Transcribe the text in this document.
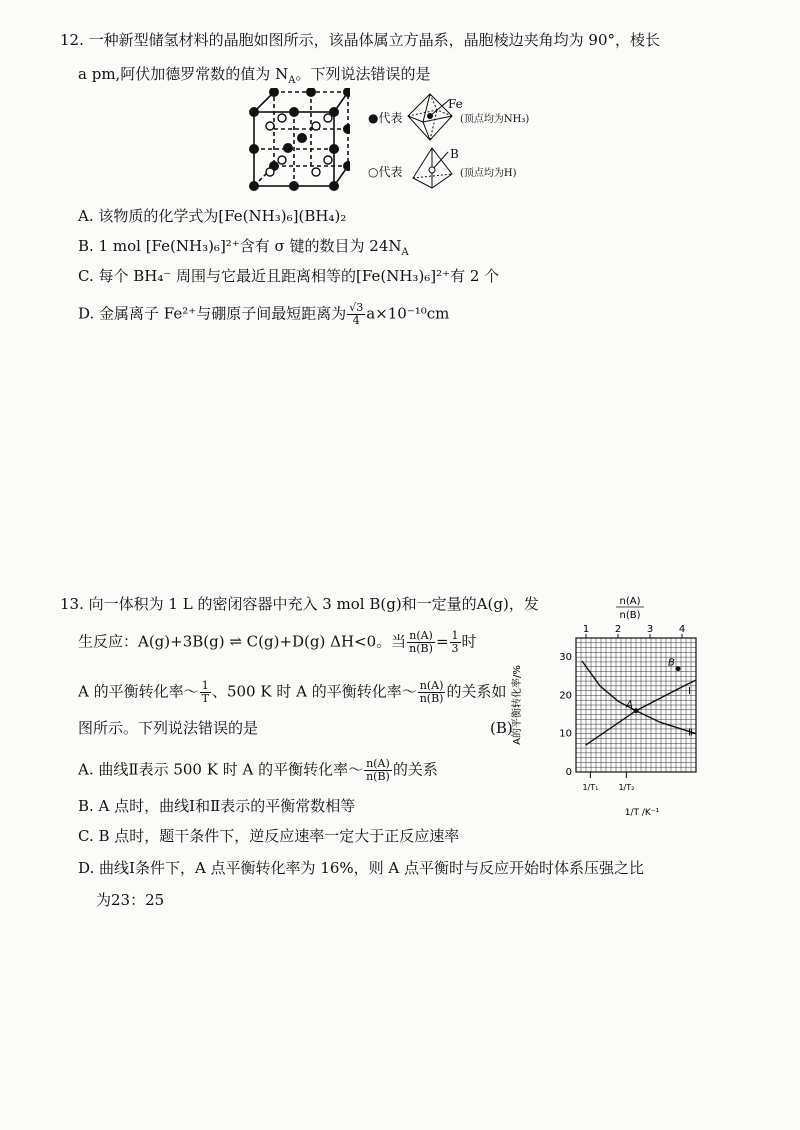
12. 一种新型储氢材料的晶胞如图所示，该晶体属立方晶系，晶胞棱边夹角均为 90°，棱长
a pm,阿伏加德罗常数的值为 $N_A$。下列说法错误的是
●代表
Fe
(顶点均为NH₃)
○代表
B
(顶点均为H)
A. 该物质的化学式为[Fe(NH₃)₆](BH₄)₂
B. 1 mol [Fe(NH₃)₆]²⁺含有 σ 键的数目为 $24N_A$
C. 每个 BH₄⁻ 周围与它最近且距离相等的[Fe(NH₃)₆]²⁺有 2 个
D. 金属离子 Fe²⁺与硼原子间最短距离为 $\frac{√3}{4} a\times 10^{-10}cm$
13. 向一体积为 1 L 的密闭容器中充入 3 mol B(g)和一定量的A(g)，发
生反应：A(g)+3B(g) ⇌ C(g)+D(g) ΔH<0。当 $\frac{n(A)}{n(B)} = \frac{1}{3}$ 时
A 的平衡转化率～ $\frac{1}{T}$ 、500 K 时 A 的平衡转化率～ $\frac{n(A)}{n(B)}$ 的关系如
图所示。下列说法错误的是	(B)
A. 曲线Ⅱ表示 500 K 时 A 的平衡转化率～ $\frac{n(A)}{n(B)}$ 的关系
B. A 点时，曲线Ⅰ和Ⅱ表示的平衡常数相等
C. B 点时，题干条件下，逆反应速率一定大于正反应速率
D. 曲线Ⅰ条件下，A 点平衡转化率为 16%，则 A 点平衡时与反应开始时体系压强之比
为23：25
n(A)
n(B)
0
10
20
30
1	2	3	4
1/T₁	1/T₂
Ⅰ
Ⅱ
A
B
A的平衡转化率/%
1/T /K⁻¹
